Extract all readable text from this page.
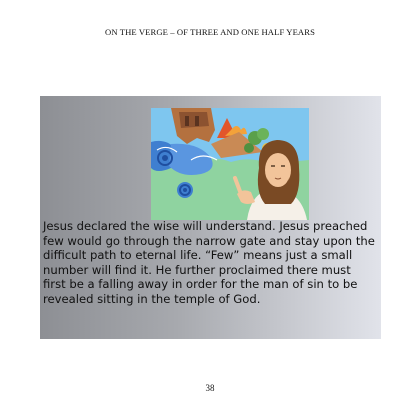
ON THE VERGE – OF THREE AND ONE HALF YEARS

Jesus declared the wise will understand. Jesus preached few would go through the narrow gate and stay upon the difficult path to eternal life. “Few” means just a small number will find it. He further proclaimed there must first be a falling away in order for the man of sin to be revealed sitting in the temple of God.

38
